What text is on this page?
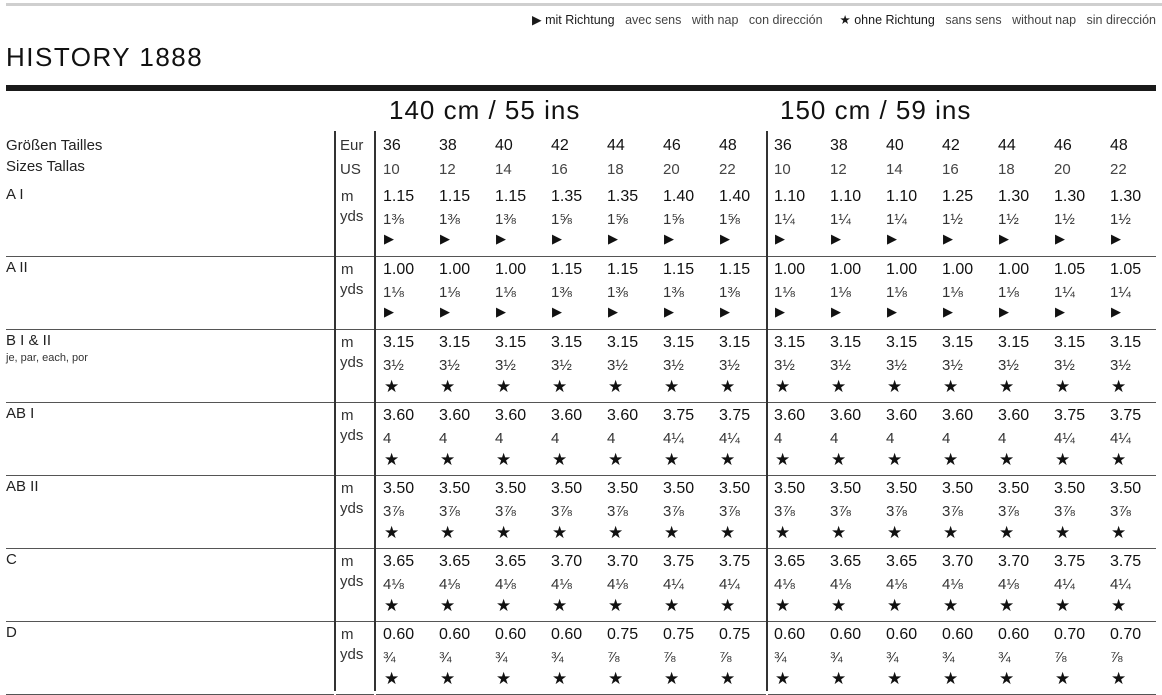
▶ mit Richtung avec sens with nap con dirección ★ ohne Richtung sans sens without nap sin dirección
HISTORY 1888
140 cm / 55 ins	150 cm / 59 ins
Größen Tailles
Sizes Tallas
Eur
US
36 38 40 42 44 46 48 36 38 40 42 44 46 48
10	12	14	16	18	20	22	10	12	14	16	18	20	22
A I	m
yds
1.15 1.15 1.15 1.35 1.35 1.40 1.40 1.10 1.10 1.10 1.25 1.30 1.30 1.30
1⅜ 1⅜ 1⅜ 1⅝ 1⅝ 1⅝ 1⅝ 1¼ 1¼ 1¼ 1½ 1½ 1½ 1½
▶	▶	▶	▶	▶	▶	▶	▶	▶	▶	▶	▶	▶	▶
A II	m
yds
1.00 1.00 1.00 1.15 1.15 1.15 1.15 1.00 1.00 1.00 1.00 1.00 1.05 1.05
1⅛ 1⅛ 1⅛ 1⅜ 1⅜ 1⅜ 1⅜ 1⅛ 1⅛ 1⅛ 1⅛ 1⅛ 1¼ 1¼
▶	▶	▶	▶	▶	▶	▶	▶	▶	▶	▶	▶	▶	▶
B I & II
je, par, each, por
m
yds
3.15 3.15 3.15 3.15 3.15 3.15 3.15 3.15 3.15 3.15 3.15 3.15 3.15 3.15
3½ 3½ 3½ 3½ 3½ 3½ 3½ 3½ 3½ 3½ 3½ 3½ 3½ 3½
★ ★ ★ ★ ★ ★ ★ ★ ★ ★ ★ ★ ★ ★
AB I	m
yds
3.60 3.60 3.60 3.60 3.60 3.75 3.75 3.60 3.60 3.60 3.60 3.60 3.75 3.75
4	4	4	4	4	4¼ 4¼ 4	4	4	4	4	4¼ 4¼
★ ★ ★ ★ ★ ★ ★ ★ ★ ★ ★ ★ ★ ★
AB II	m
yds
3.50 3.50 3.50 3.50 3.50 3.50 3.50 3.50 3.50 3.50 3.50 3.50 3.50 3.50
3⅞ 3⅞ 3⅞ 3⅞ 3⅞ 3⅞ 3⅞ 3⅞ 3⅞ 3⅞ 3⅞ 3⅞ 3⅞ 3⅞
★ ★ ★ ★ ★ ★ ★ ★ ★ ★ ★ ★ ★ ★
C	m
yds
3.65 3.65 3.65 3.70 3.70 3.75 3.75 3.65 3.65 3.65 3.70 3.70 3.75 3.75
4⅛ 4⅛ 4⅛ 4⅛ 4⅛ 4¼ 4¼ 4⅛ 4⅛ 4⅛ 4⅛ 4⅛ 4¼ 4¼
★ ★ ★ ★ ★ ★ ★ ★ ★ ★ ★ ★ ★ ★
D	m
yds
0.60 0.60 0.60 0.60 0.75 0.75 0.75 0.60 0.60 0.60 0.60 0.60 0.70 0.70
¾	¾	¾	¾	⅞	⅞	⅞	¾	¾	¾	¾	¾	⅞	⅞
★ ★ ★ ★ ★ ★ ★ ★ ★ ★ ★ ★ ★ ★
